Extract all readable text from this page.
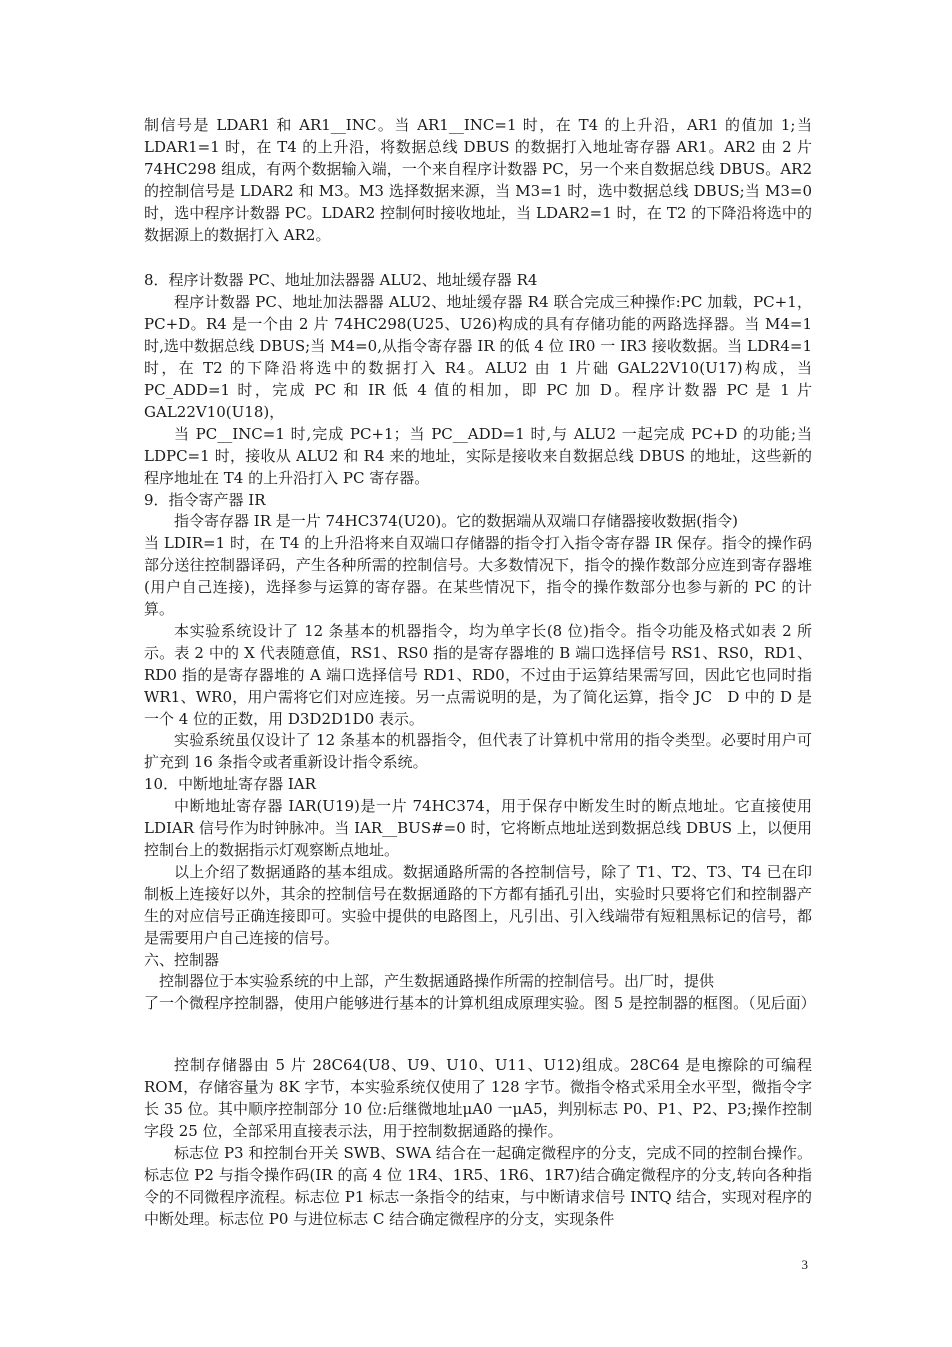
制信号是 LDAR1 和 AR1__INC。当 AR1__INC=1 时，在 T4 的上升沿，AR1 的值加 1;当 LDAR1=1 时，在 T4 的上升沿，将数据总线 DBUS 的数据打入地址寄存器 AR1。AR2 由 2 片 74HC298 组成，有两个数据输入端，一个来自程序计数器 PC，另一个来自数据总线 DBUS。AR2 的控制信号是 LDAR2 和 M3。M3 选择数据来源，当 M3=1 时，选中数据总线 DBUS;当 M3=0 时，选中程序计数器 PC。LDAR2 控制何时接收地址，当 LDAR2=1 时，在 T2 的下降沿将选中的数据源上的数据打入 AR2。

8．程序计数器 PC、地址加法器器 ALU2、地址缓存器 R4

程序计数器 PC、地址加法器器 ALU2、地址缓存器 R4 联合完成三种操作:PC 加载，PC+1，PC+D。R4 是一个由 2 片 74HC298(U25、U26)构成的具有存储功能的两路选择器。当 M4=1 时,选中数据总线 DBUS;当 M4=0,从指令寄存器 IR 的低 4 位 IR0 一 IR3 接收数据。当 LDR4=1 时，在 T2 的下降沿将选中的数据打入 R4。ALU2 由 1 片础 GAL22V10(U17)构成，当 PC_ADD=1 时，完成 PC 和 IR 低 4 值的相加，即 PC 加 D。程序计数器 PC 是 1 片 GAL22V10(U18)，

当 PC__INC=1 时,完成 PC+1；当 PC__ADD=1 时,与 ALU2 一起完成 PC+D 的功能;当 LDPC=1 时，接收从 ALU2 和 R4 来的地址，实际是接收来自数据总线 DBUS 的地址，这些新的程序地址在 T4 的上升沿打入 PC 寄存器。

9．指令寄产器 IR

指令寄存器 IR 是一片 74HC374(U20)。它的数据端从双端口存储器接收数据(指令)

当 LDIR=1 时，在 T4 的上升沿将来自双端口存储器的指令打入指令寄存器 IR 保存。指令的操作码部分送往控制器译码，产生各种所需的控制信号。大多数情况下，指令的操作数部分应连到寄存器堆(用户自己连接)，选择参与运算的寄存器。在某些情况下，指令的操作数部分也参与新的 PC 的计算。

本实验系统设计了 12 条基本的机器指令，均为单字长(8 位)指令。指令功能及格式如表 2 所示。表 2 中的 X 代表随意值，RS1、RS0 指的是寄存器堆的 B 端口选择信号 RS1、RS0，RD1、RD0 指的是寄存器堆的 A 端口选择信号 RD1、RD0，不过由于运算结果需写回，因此它也同时指 WR1、WR0，用户需将它们对应连接。另一点需说明的是，为了简化运算，指令 JC　D 中的 D 是一个 4 位的正数，用 D3D2D1D0 表示。

实验系统虽仅设计了 12 条基本的机器指令，但代表了计算机中常用的指令类型。必要时用户可扩充到 16 条指令或者重新设计指令系统。

10．中断地址寄存器 IAR

中断地址寄存器 IAR(U19)是一片 74HC374，用于保存中断发生时的断点地址。它直接使用 LDIAR 信号作为时钟脉冲。当 IAR__BUS#=0 时，它将断点地址送到数据总线 DBUS 上，以便用控制台上的数据指示灯观察断点地址。

以上介绍了数据通路的基本组成。数据通路所需的各控制信号，除了 T1、T2、T3、T4 已在印制板上连接好以外，其余的控制信号在数据通路的下方都有插孔引出，实验时只要将它们和控制器产生的对应信号正确连接即可。实验中提供的电路图上，凡引出、引入线端带有短粗黑标记的信号，都是需要用户自己连接的信号。

六、控制器

控制器位于本实验系统的中上部，产生数据通路操作所需的控制信号。出厂时，提供

了一个微程序控制器，使用户能够进行基本的计算机组成原理实验。图 5 是控制器的框图。（见后面）

控制存储器由 5 片 28C64(U8、U9、U10、U11、U12)组成。28C64 是电擦除的可编程 ROM，存储容量为 8K 字节，本实验系统仅使用了 128 字节。微指令格式采用全水平型，微指令字长 35 位。其中顺序控制部分 10 位:后继微地址μA0 一μA5，判别标志 P0、P1、P2、P3;操作控制字段 25 位，全部采用直接表示法，用于控制数据通路的操作。

标志位 P3 和控制台开关 SWB、SWA 结合在一起确定微程序的分支，完成不同的控制台操作。标志位 P2 与指令操作码(IR 的高 4 位 1R4、1R5、1R6、1R7)结合确定微程序的分支,转向各种指令的不同微程序流程。标志位 P1 标志一条指令的结束，与中断请求信号 INTQ 结合，实现对程序的中断处理。标志位 P0 与进位标志 C 结合确定微程序的分支，实现条件

3
